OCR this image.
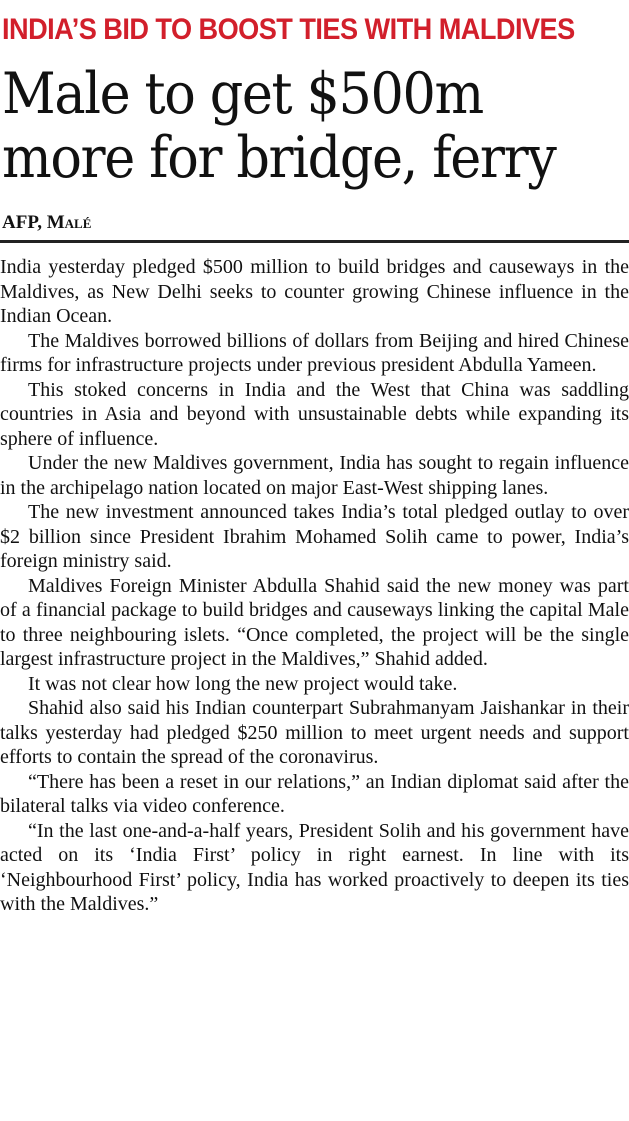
INDIA’S BID TO BOOST TIES WITH MALDIVES
Male to get $500m
more for bridge, ferry
AFP, Malé

India yesterday pledged $500 million to build bridges and causeways in the Maldives, as New Delhi seeks to counter growing Chinese influence in the Indian Ocean.

The Maldives borrowed billions of dollars from Beijing and hired Chinese firms for infrastructure projects under previous president Abdulla Yameen.

This stoked concerns in India and the West that China was saddling countries in Asia and beyond with unsustainable debts while expanding its sphere of influence.

Under the new Maldives government, India has sought to regain influence in the archipelago nation located on major East-West shipping lanes.

The new investment announced takes India’s total pledged outlay to over $2 billion since President Ibrahim Mohamed Solih came to power, India’s foreign ministry said.

Maldives Foreign Minister Abdulla Shahid said the new money was part of a financial package to build bridges and causeways linking the capital Male to three neighbouring islets. “Once completed, the project will be the single largest infrastructure project in the Maldives,” Shahid added.

It was not clear how long the new project would take.

Shahid also said his Indian counterpart Subrahmanyam Jaishankar in their talks yesterday had pledged $250 million to meet urgent needs and support efforts to contain the spread of the coronavirus.

“There has been a reset in our relations,” an Indian diplomat said after the bilateral talks via video conference.

“In the last one-and-a-half years, President Solih and his government have acted on its ‘India First’ policy in right earnest. In line with its ‘Neighbourhood First’ policy, India has worked proactively to deepen its ties with the Maldives.”
